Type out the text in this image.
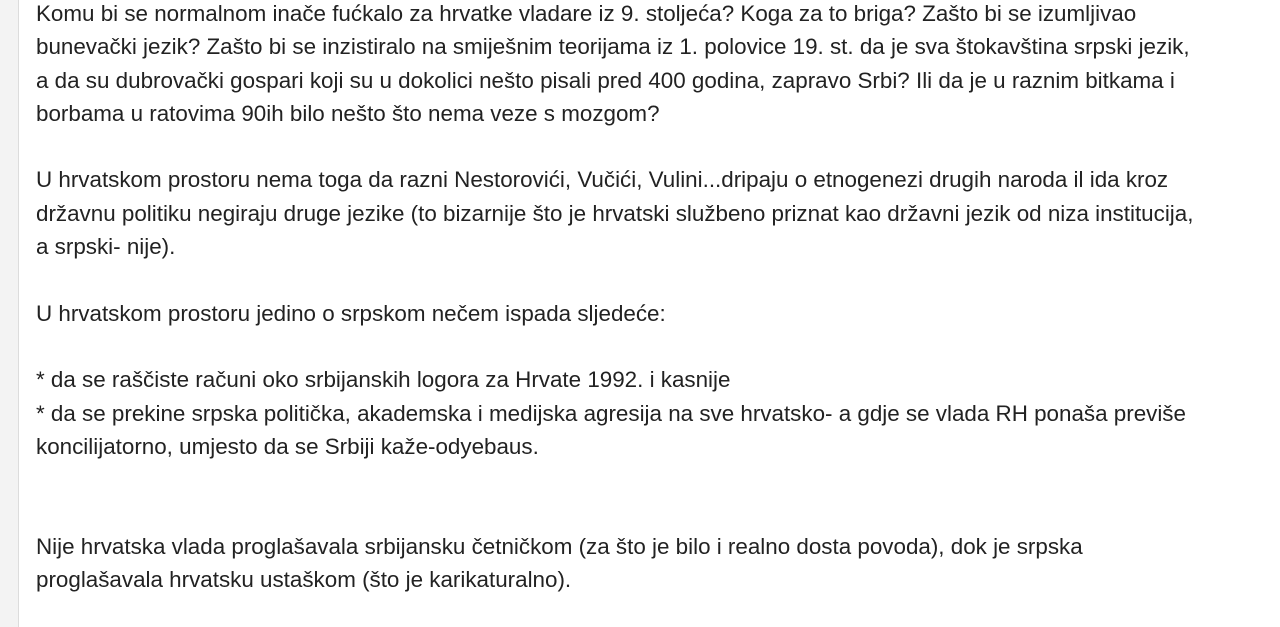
Komu bi se normalnom inače fućkalo za hrvatke vladare iz 9. stoljeća? Koga za to briga? Zašto bi se izumljivao
bunevački jezik? Zašto bi se inzistiralo na smiješnim teorijama iz 1. polovice 19. st. da je sva štokavština srpski jezik,
a da su dubrovački gospari koji su u dokolici nešto pisali pred 400 godina, zapravo Srbi? Ili da je u raznim bitkama i
borbama u ratovima 90ih bilo nešto što nema veze s mozgom?

U hrvatskom prostoru nema toga da razni Nestorovići, Vučići, Vulini...dripaju o etnogenezi drugih naroda il ida kroz
državnu politiku negiraju druge jezike (to bizarnije što je hrvatski službeno priznat kao državni jezik od niza institucija,
a srpski- nije).

U hrvatskom prostoru jedino o srpskom nečem ispada sljedeće:

* da se raščiste računi oko srbijanskih logora za Hrvate 1992. i kasnije

* da se prekine srpska politička, akademska i medijska agresija na sve hrvatsko- a gdje se vlada RH ponaša previše
koncilijatorno, umjesto da se Srbiji kaže-odyebaus.

Nije hrvatska vlada proglašavala srbijansku četničkom (za što je bilo i realno dosta povoda), dok je srpska
proglašavala hrvatsku ustaškom (što je karikaturalno).
